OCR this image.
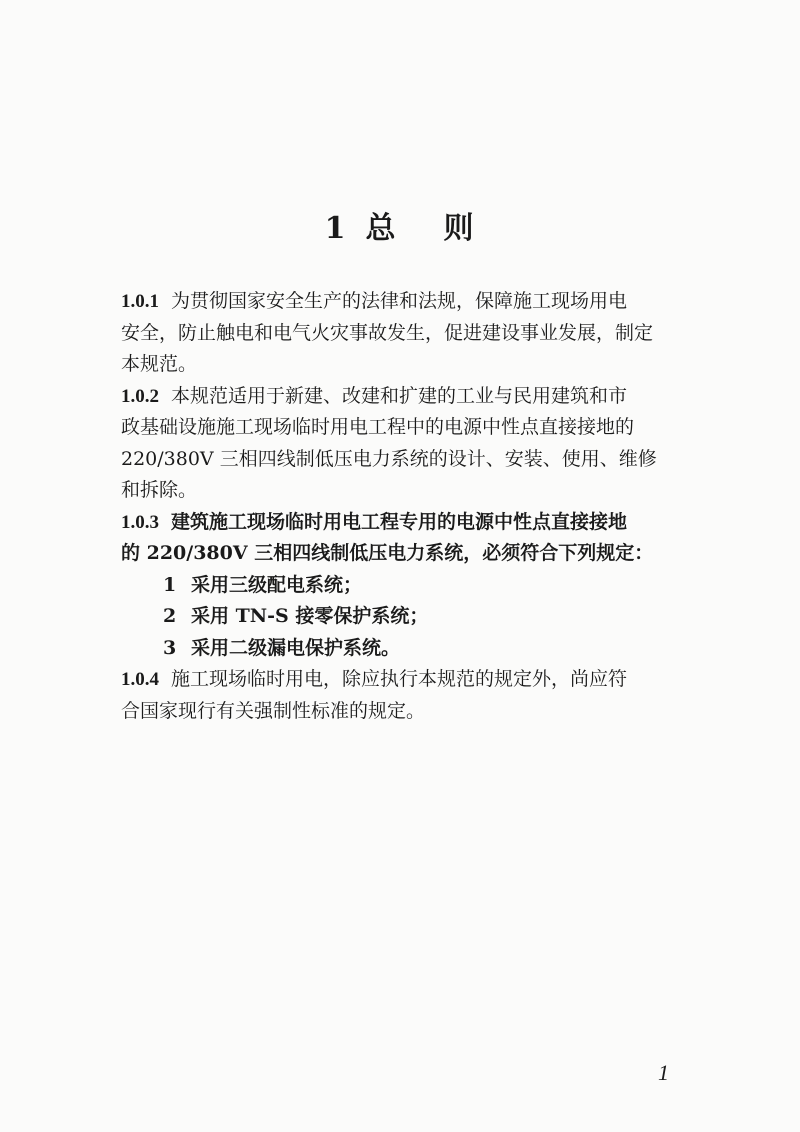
1 总 则

1.0.1 为贯彻国家安全生产的法律和法规，保障施工现场用电
安全，防止触电和电气火灾事故发生，促进建设事业发展，制定
本规范。

1.0.2 本规范适用于新建、改建和扩建的工业与民用建筑和市
政基础设施施工现场临时用电工程中的电源中性点直接接地的
220/380V 三相四线制低压电力系统的设计、安装、使用、维修
和拆除。

1.0.3 建筑施工现场临时用电工程专用的电源中性点直接接地
的 220/380V 三相四线制低压电力系统，必须符合下列规定：

1 采用三级配电系统；

2 采用 TN-S 接零保护系统；

3 采用二级漏电保护系统。

1.0.4 施工现场临时用电，除应执行本规范的规定外，尚应符
合国家现行有关强制性标准的规定。

1
